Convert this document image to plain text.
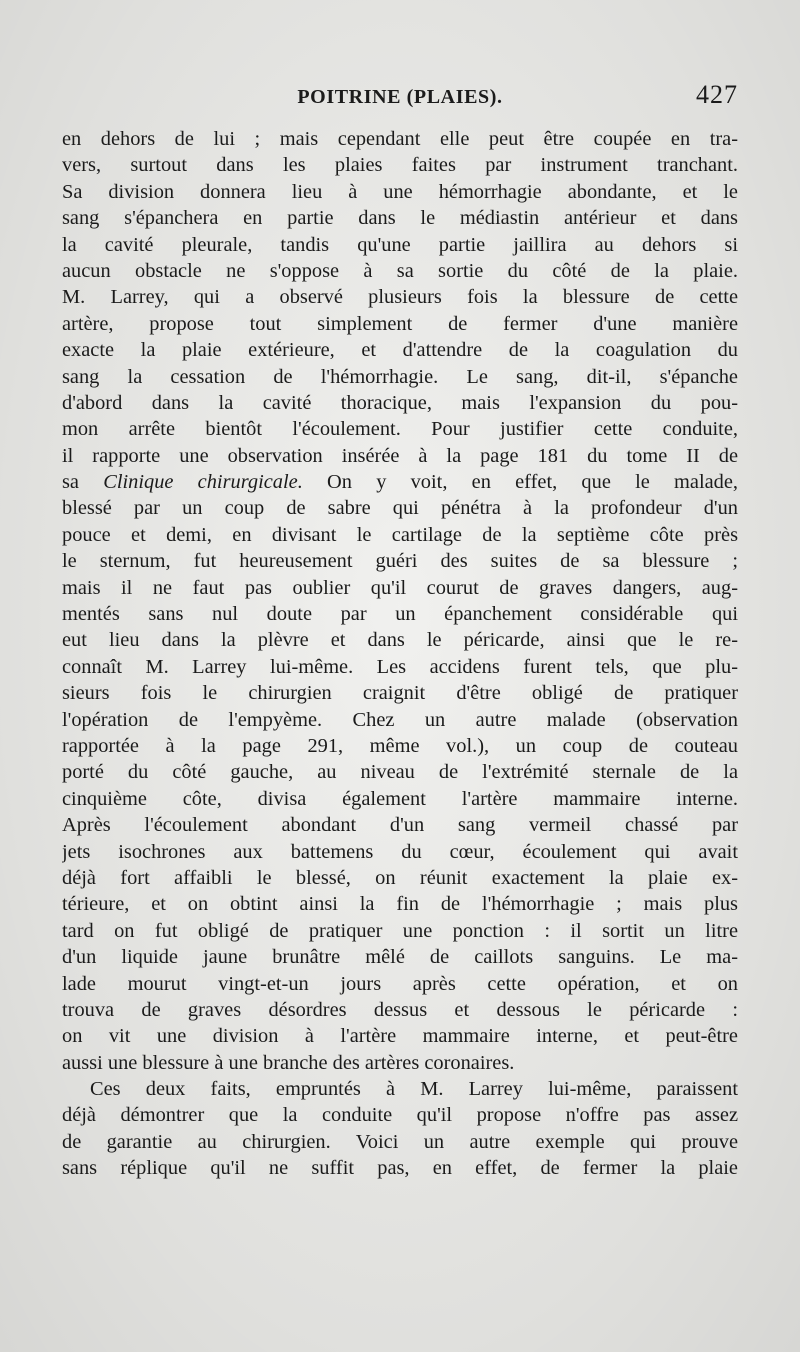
POITRINE (PLAIES).	427
en dehors de lui ; mais cependant elle peut être coupée en tra-
vers, surtout dans les plaies faites par instrument tranchant.
Sa division donnera lieu à une hémorrhagie abondante, et le
sang s'épanchera en partie dans le médiastin antérieur et dans
la cavité pleurale, tandis qu'une partie jaillira au dehors si
aucun obstacle ne s'oppose à sa sortie du côté de la plaie.
M. Larrey, qui a observé plusieurs fois la blessure de cette
artère, propose tout simplement de fermer d'une manière
exacte la plaie extérieure, et d'attendre de la coagulation du
sang la cessation de l'hémorrhagie. Le sang, dit-il, s'épanche
d'abord dans la cavité thoracique, mais l'expansion du pou-
mon arrête bientôt l'écoulement. Pour justifier cette conduite,
il rapporte une observation insérée à la page 181 du tome II de
sa Clinique chirurgicale. On y voit, en effet, que le malade,
blessé par un coup de sabre qui pénétra à la profondeur d'un
pouce et demi, en divisant le cartilage de la septième côte près
le sternum, fut heureusement guéri des suites de sa blessure ;
mais il ne faut pas oublier qu'il courut de graves dangers, aug-
mentés sans nul doute par un épanchement considérable qui
eut lieu dans la plèvre et dans le péricarde, ainsi que le re-
connaît M. Larrey lui-même. Les accidens furent tels, que plu-
sieurs fois le chirurgien craignit d'être obligé de pratiquer
l'opération de l'empyème. Chez un autre malade (observation
rapportée à la page 291, même vol.), un coup de couteau
porté du côté gauche, au niveau de l'extrémité sternale de la
cinquième côte, divisa également l'artère mammaire interne.
Après l'écoulement abondant d'un sang vermeil chassé par
jets isochrones aux battemens du cœur, écoulement qui avait
déjà fort affaibli le blessé, on réunit exactement la plaie ex-
térieure, et on obtint ainsi la fin de l'hémorrhagie ; mais plus
tard on fut obligé de pratiquer une ponction : il sortit un litre
d'un liquide jaune brunâtre mêlé de caillots sanguins. Le ma-
lade mourut vingt-et-un jours après cette opération, et on
trouva de graves désordres dessus et dessous le péricarde :
on vit une division à l'artère mammaire interne, et peut-être
aussi une blessure à une branche des artères coronaires.
Ces deux faits, empruntés à M. Larrey lui-même, paraissent
déjà démontrer que la conduite qu'il propose n'offre pas assez
de garantie au chirurgien. Voici un autre exemple qui prouve
sans réplique qu'il ne suffit pas, en effet, de fermer la plaie
